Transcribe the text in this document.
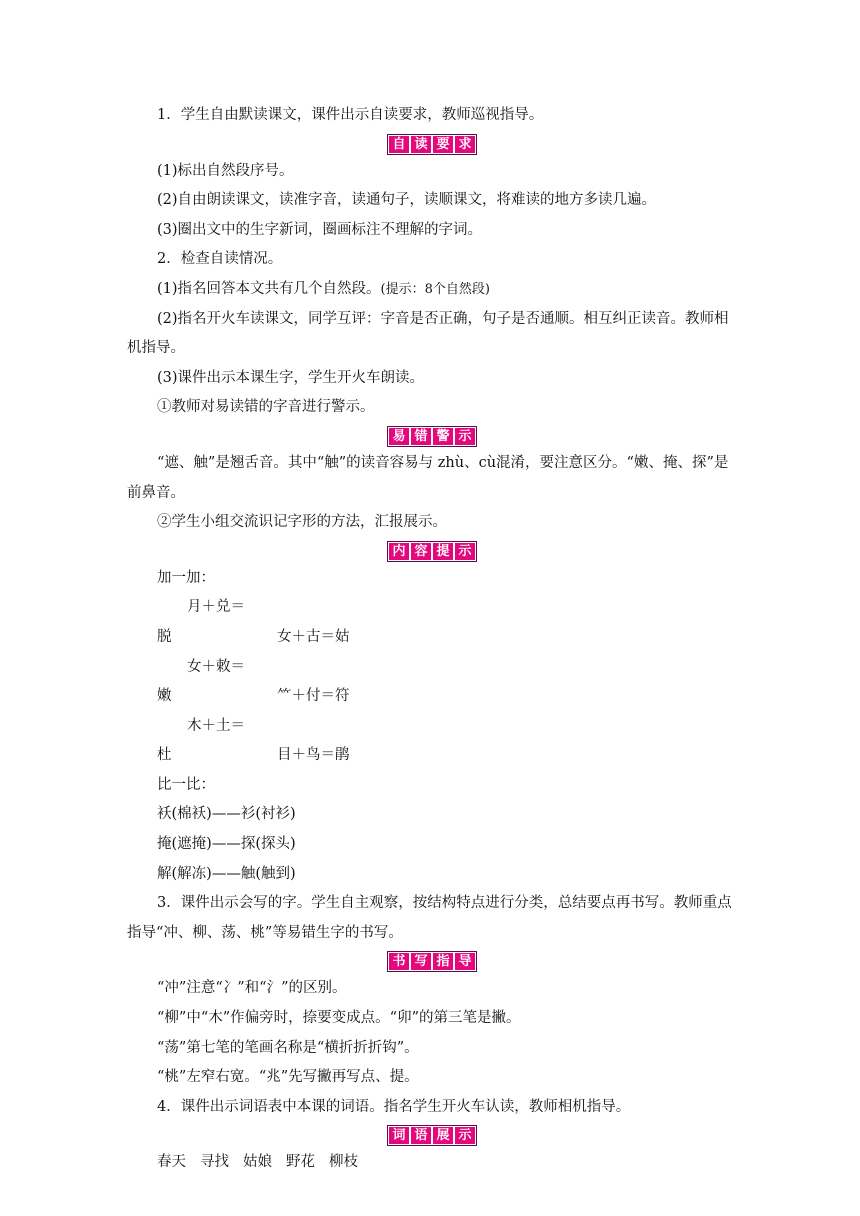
1．学生自由默读课文，课件出示自读要求，教师巡视指导。

自 读 要 求

(1)标出自然段序号。

(2)自由朗读课文，读准字音，读通句子，读顺课文，将难读的地方多读几遍。

(3)圈出文中的生字新词，圈画标注不理解的字词。

2．检查自读情况。

(1)指名回答本文共有几个自然段。(提示：8个自然段)

(2)指名开火车读课文，同学互评：字音是否正确，句子是否通顺。相互纠正读音。教师相机指导。

(3)课件出示本课生字，学生开火车朗读。

①教师对易读错的字音进行警示。

易 错 警 示

“遮、触”是翘舌音。其中“触”的读音容易与 zhù、cù混淆，要注意区分。“嫩、掩、探”是前鼻音。

②学生小组交流识记字形的方法，汇报展示。

内 容 提 示

加一加：

月＋兑＝脱	女＋古＝姑

女＋敕＝嫩	⺮＋付＝符

木＋土＝杜	目＋鸟＝鹃

比一比：

袄(棉袄)——衫(衬衫)

掩(遮掩)——探(探头)

解(解冻)——触(触到)

3．课件出示会写的字。学生自主观察，按结构特点进行分类，总结要点再书写。教师重点指导“冲、柳、荡、桃”等易错生字的书写。

书 写 指 导

“冲”注意“冫”和“氵”的区别。

“柳”中“木”作偏旁时，捺要变成点。“卯”的第三笔是撇。

“荡”第七笔的笔画名称是“横折折折钩”。

“桃”左窄右宽。“兆”先写撇再写点、提。

4．课件出示词语表中本课的词语。指名学生开火车认读，教师相机指导。

词 语 展 示

春天 寻找 姑娘 野花 柳枝
